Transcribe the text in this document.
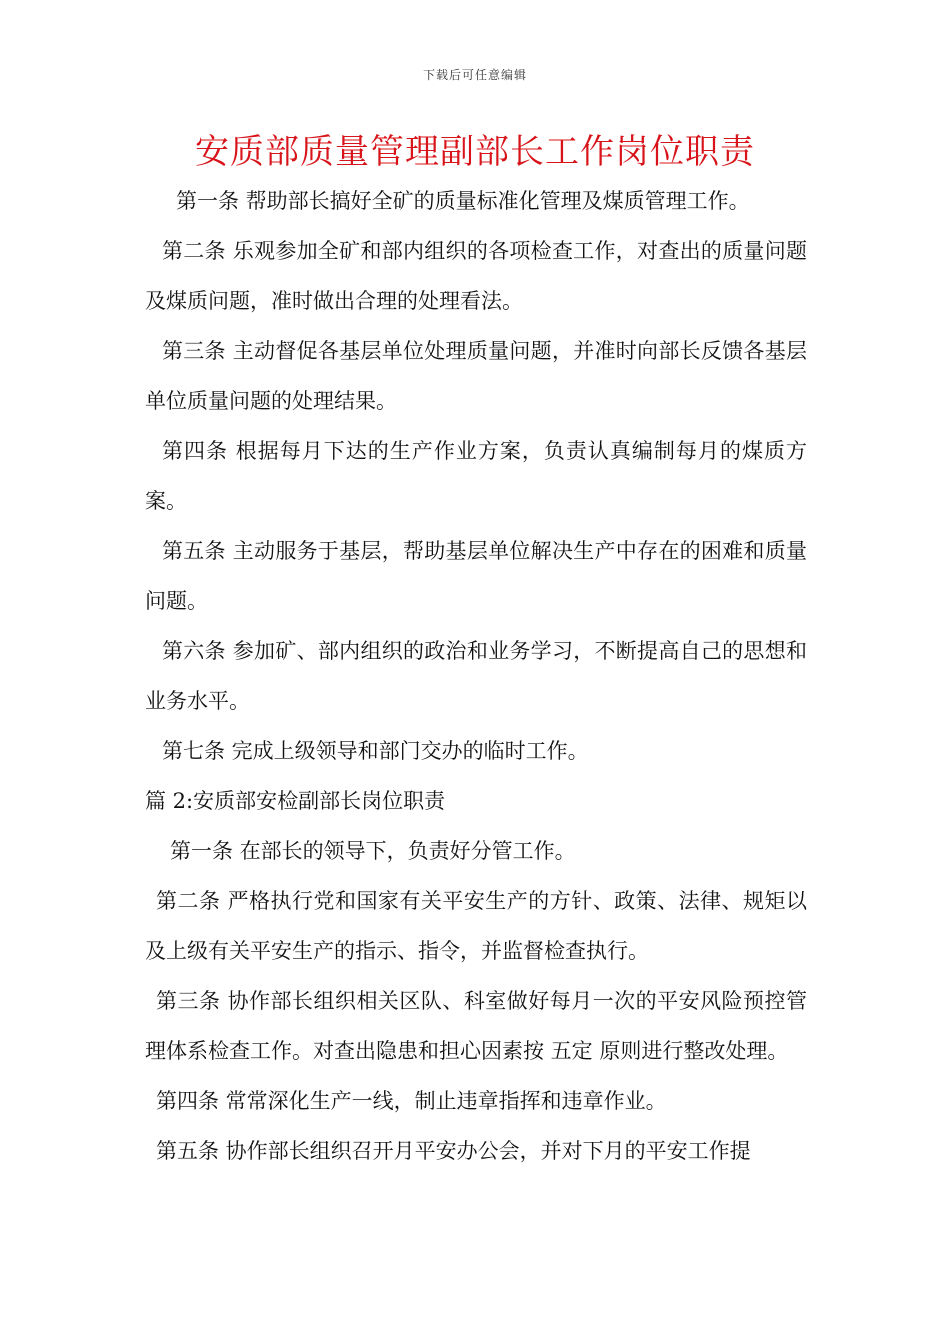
下载后可任意编辑
安质部质量管理副部长工作岗位职责

第一条 帮助部长搞好全矿的质量标准化管理及煤质管理工作。

第二条 乐观参加全矿和部内组织的各项检查工作，对查出的质量问题及煤质问题，准时做出合理的处理看法。

第三条 主动督促各基层单位处理质量问题，并准时向部长反馈各基层单位质量问题的处理结果。

第四条 根据每月下达的生产作业方案，负责认真编制每月的煤质方案。

第五条 主动服务于基层，帮助基层单位解决生产中存在的困难和质量问题。

第六条 参加矿、部内组织的政治和业务学习，不断提高自己的思想和业务水平。

第七条 完成上级领导和部门交办的临时工作。

篇 2:安质部安检副部长岗位职责

第一条 在部长的领导下，负责好分管工作。

第二条 严格执行党和国家有关平安生产的方针、政策、法律、规矩以及上级有关平安生产的指示、指令，并监督检查执行。

第三条 协作部长组织相关区队、科室做好每月一次的平安风险预控管理体系检查工作。对查出隐患和担心因素按 五定 原则进行整改处理。

第四条 常常深化生产一线，制止违章指挥和违章作业。

第五条 协作部长组织召开月平安办公会，并对下月的平安工作提
